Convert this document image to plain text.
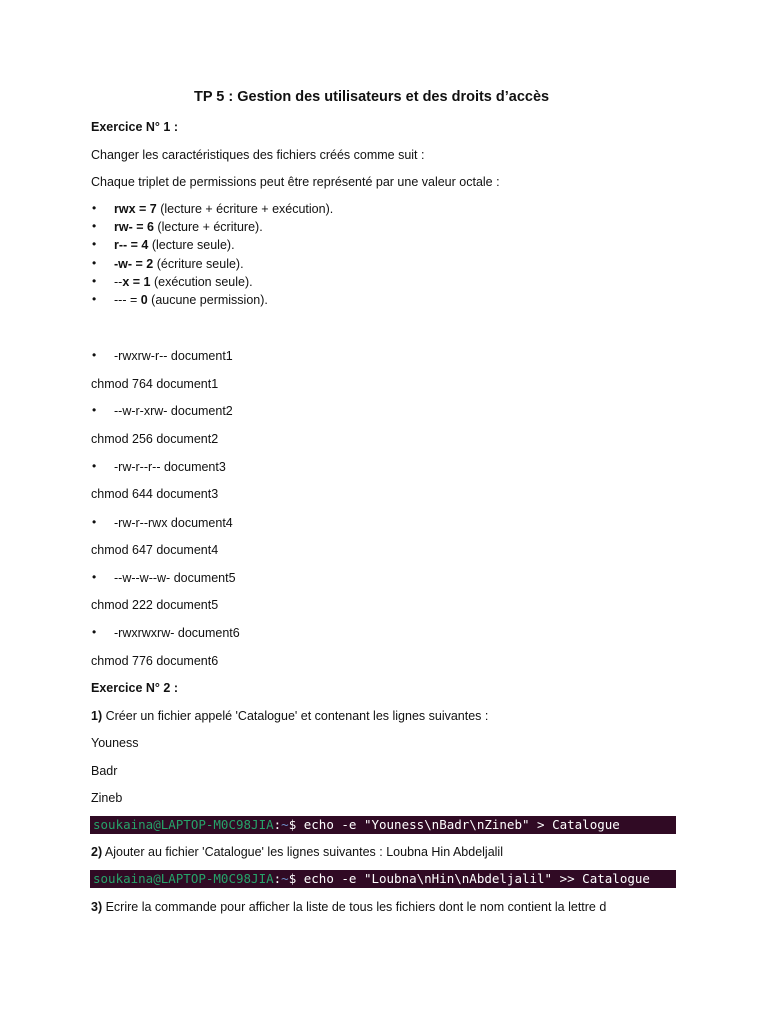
TP 5 : Gestion des utilisateurs et des droits d’accès
Exercice N° 1 :
Changer les caractéristiques des fichiers créés comme suit :
Chaque triplet de permissions peut être représenté par une valeur octale :
• rwx = 7 (lecture + écriture + exécution).
• rw- = 6 (lecture + écriture).
• r-- = 4 (lecture seule).
• -w- = 2 (écriture seule).
• --x = 1 (exécution seule).
• --- = 0 (aucune permission).
• -rwxrw-r-- document1
chmod 764 document1
• --w-r-xrw- document2
chmod 256 document2
• -rw-r--r-- document3
chmod 644 document3
• -rw-r--rwx document4
chmod 647 document4
• --w--w--w- document5
chmod 222 document5
• -rwxrwxrw- document6
chmod 776 document6
Exercice N° 2 :
1) Créer un fichier appelé 'Catalogue' et contenant les lignes suivantes :
Youness
Badr
Zineb
soukaina@LAPTOP-M0C98JIA:~$ echo -e "Youness\nBadr\nZineb" > Catalogue
2) Ajouter au fichier 'Catalogue' les lignes suivantes : Loubna Hin Abdeljalil
soukaina@LAPTOP-M0C98JIA:~$ echo -e "Loubna\nHin\nAbdeljalil" >> Catalogue
3) Ecrire la commande pour afficher la liste de tous les fichiers dont le nom contient la lettre d
